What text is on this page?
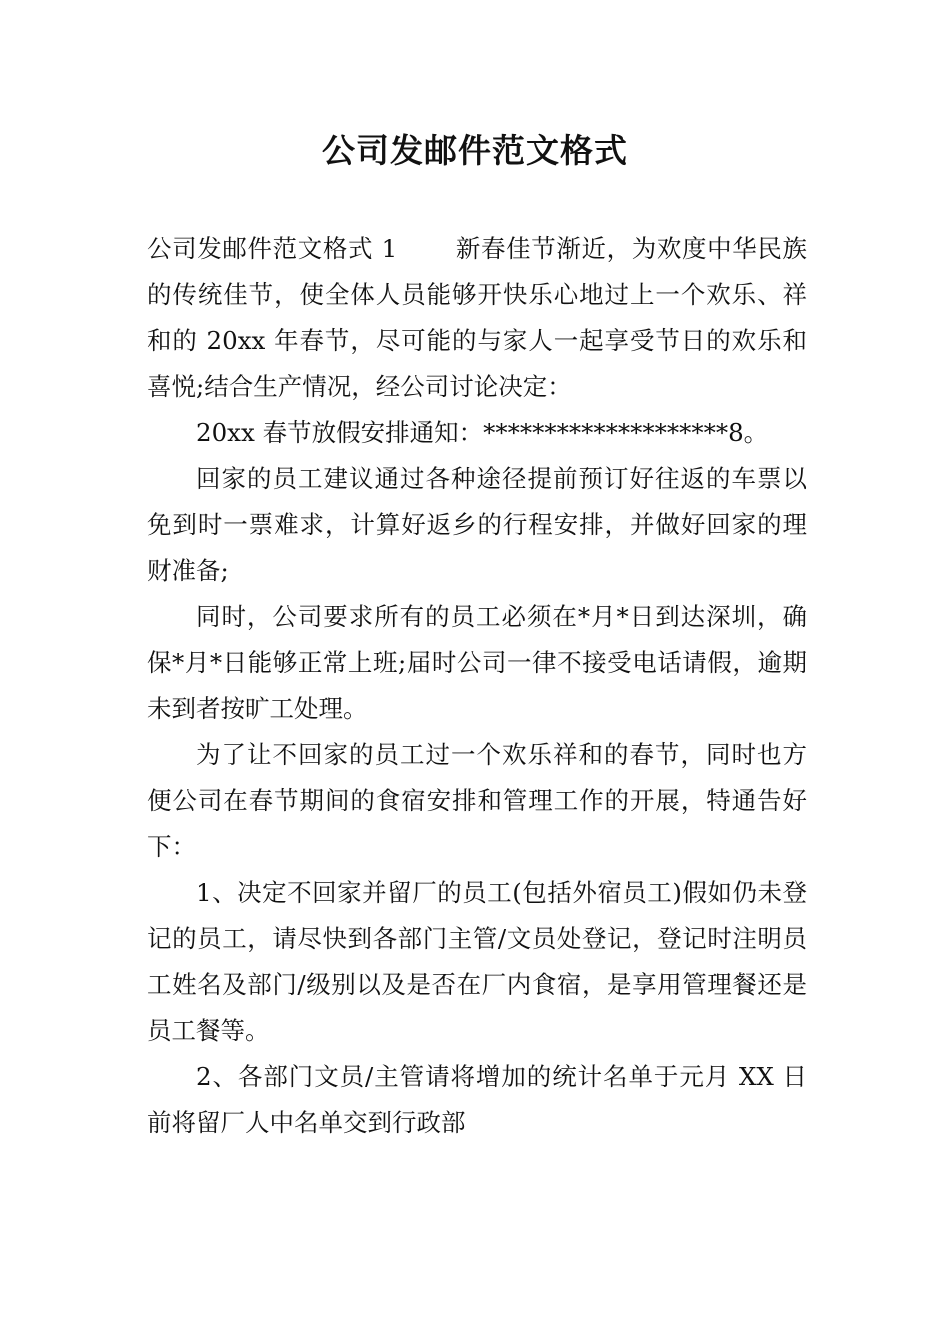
公司发邮件范文格式

公司发邮件范文格式 1 新春佳节渐近，为欢度中华民族的传统佳节，使全体人员能够开快乐心地过上一个欢乐、祥和的 20xx 年春节，尽可能的与家人一起享受节日的欢乐和喜悦;结合生产情况，经公司讨论决定：

20xx 春节放假安排通知：********************8。

回家的员工建议通过各种途径提前预订好往返的车票以免到时一票难求，计算好返乡的行程安排，并做好回家的理财准备;

同时，公司要求所有的员工必须在*月*日到达深圳，确保*月*日能够正常上班;届时公司一律不接受电话请假，逾期未到者按旷工处理。

为了让不回家的员工过一个欢乐祥和的春节，同时也方便公司在春节期间的食宿安排和管理工作的开展，特通告好下：

1、决定不回家并留厂的员工(包括外宿员工)假如仍未登记的员工，请尽快到各部门主管/文员处登记，登记时注明员工姓名及部门/级别以及是否在厂内食宿，是享用管理餐还是员工餐等。

2、各部门文员/主管请将增加的统计名单于元月 XX 日前将留厂人中名单交到行政部
